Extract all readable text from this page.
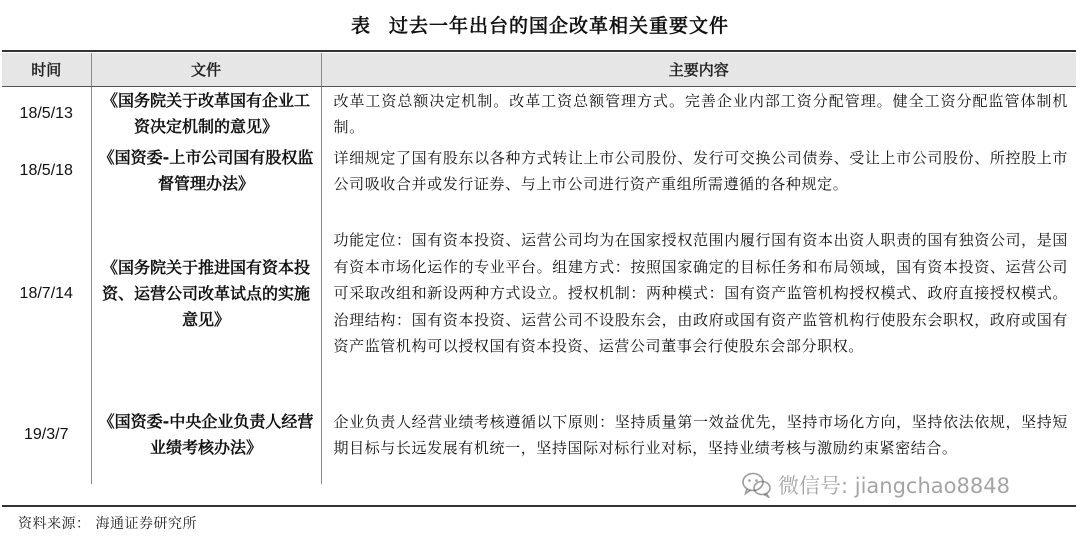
表 过去一年出台的国企改革相关重要文件
时间	文件	主要内容
18/5/13	《国务院关于改革国有企业工资决定机制的意见》	改革工资总额决定机制。改革工资总额管理方式。完善企业内部工资分配管理。健全工资分配监管体制机制。
18/5/18	《国资委-上市公司国有股权监督管理办法》	详细规定了国有股东以各种方式转让上市公司股份、发行可交换公司债券、受让上市公司股份、所控股上市公司吸收合并或发行证券、与上市公司进行资产重组所需遵循的各种规定。
18/7/14	《国务院关于推进国有资本投资、运营公司改革试点的实施意见》	功能定位：国有资本投资、运营公司均为在国家授权范围内履行国有资本出资人职责的国有独资公司，是国有资本市场化运作的专业平台。组建方式：按照国家确定的目标任务和布局领域，国有资本投资、运营公司可采取改组和新设两种方式设立。授权机制：两种模式：国有资产监管机构授权模式、政府直接授权模式。治理结构：国有资本投资、运营公司不设股东会，由政府或国有资产监管机构行使股东会职权，政府或国有资产监管机构可以授权国有资本投资、运营公司董事会行使股东会部分职权。
19/3/7	《国资委-中央企业负责人经营业绩考核办法》	企业负责人经营业绩考核遵循以下原则：坚持质量第一效益优先，坚持市场化方向，坚持依法依规，坚持短期目标与长远发展有机统一，坚持国际对标行业对标，坚持业绩考核与激励约束紧密结合。
微信号: jiangchao8848
资料来源： 海通证券研究所
